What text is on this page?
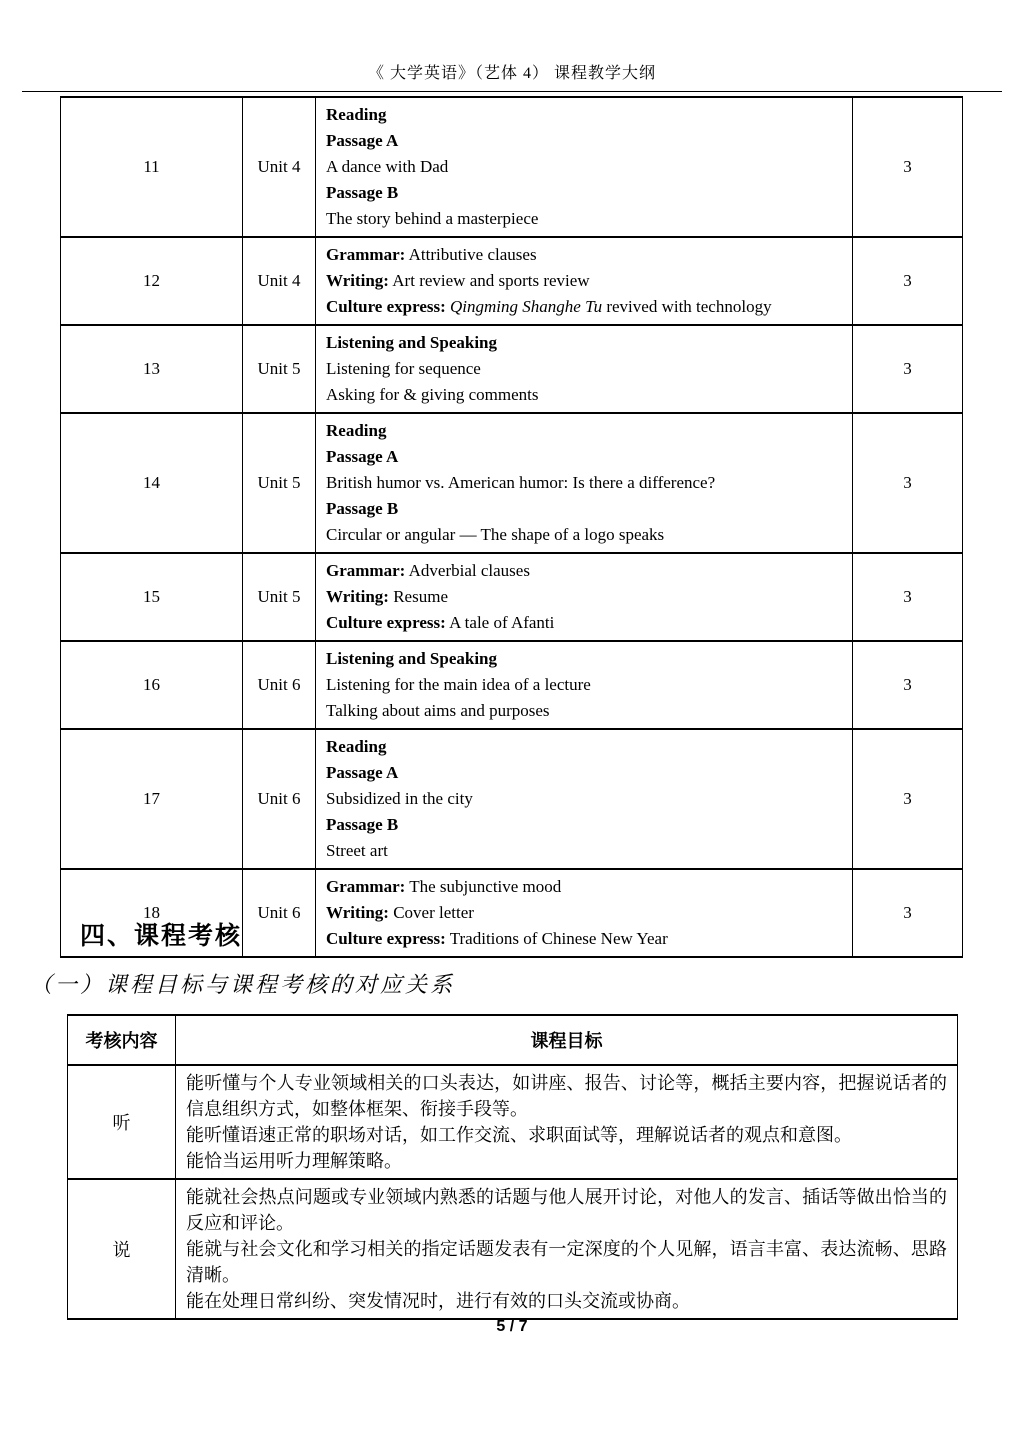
《 大学英语》（艺体 4） 课程教学大纲
11	Unit 4	Reading
Passage A
A dance with Dad
Passage B
The story behind a masterpiece	3
12	Unit 4	Grammar: Attributive clauses
Writing: Art review and sports review
Culture express: Qingming Shanghe Tu revived with technology	3
13	Unit 5	Listening and Speaking
Listening for sequence
Asking for & giving comments	3
14	Unit 5	Reading
Passage A
British humor vs. American humor: Is there a difference?
Passage B
Circular or angular — The shape of a logo speaks	3
15	Unit 5	Grammar: Adverbial clauses
Writing: Resume
Culture express: A tale of Afanti	3
16	Unit 6	Listening and Speaking
Listening for the main idea of a lecture
Talking about aims and purposes	3
17	Unit 6	Reading
Passage A
Subsidized in the city
Passage B
Street art	3
18	Unit 6	Grammar: The subjunctive mood
Writing: Cover letter
Culture express: Traditions of Chinese New Year	3
四、课程考核
（一）课程目标与课程考核的对应关系
考核内容	课程目标
听	能听懂与个人专业领域相关的口头表达，如讲座、报告、讨论等，概括主要内容，把握说话者的信息组织方式，如整体框架、衔接手段等。

能听懂语速正常的职场对话，如工作交流、求职面试等，理解说话者的观点和意图。

能恰当运用听力理解策略。

说	能就社会热点问题或专业领域内熟悉的话题与他人展开讨论，对他人的发言、插话等做出恰当的反应和评论。

能就与社会文化和学习相关的指定话题发表有一定深度的个人见解，语言丰富、表达流畅、思路清晰。

能在处理日常纠纷、突发情况时，进行有效的口头交流或协商。

5 / 7
